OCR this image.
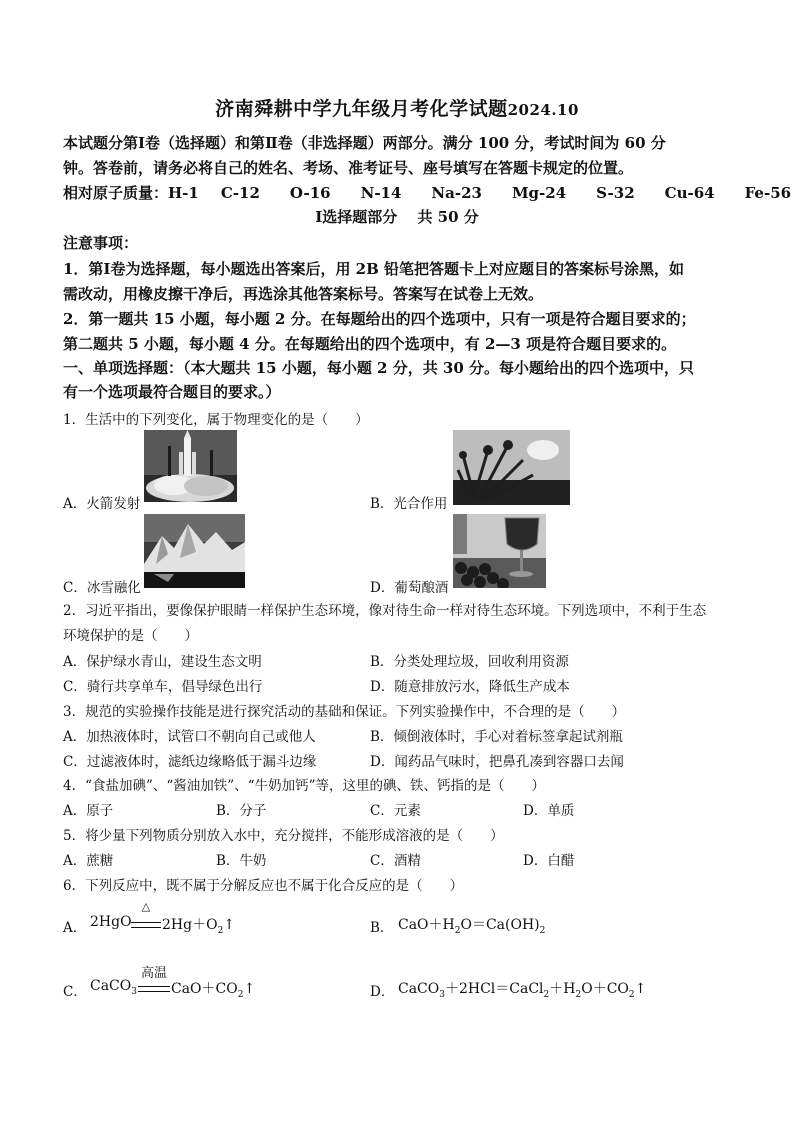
济南舜耕中学九年级月考化学试题2024.10
本试题分第Ⅰ卷（选择题）和第Ⅱ卷（非选择题）两部分。满分 100 分，考试时间为 60 分
钟。答卷前，请务必将自己的姓名、考场、准考证号、座号填写在答题卡规定的位置。
相对原子质量：H-1 C-12 O-16 N-14 Na-23 Mg-24 S-32 Cu-64 Fe-56
Ⅰ选择题部分　 共 50 分
注意事项：
1．第Ⅰ卷为选择题，每小题选出答案后，用 2B 铅笔把答题卡上对应题目的答案标号涂黑，如
需改动，用橡皮擦干净后，再选涂其他答案标号。答案写在试卷上无效。
2．第一题共 15 小题，每小题 2 分。在每题给出的四个选项中，只有一项是符合题目要求的；
第二题共 5 小题，每小题 4 分。在每题给出的四个选项中，有 2—3 项是符合题目要求的。
一、单项选择题：（本大题共 15 小题，每小题 2 分，共 30 分。每小题给出的四个选项中，只
有一个选项最符合题目的要求。）
1．生活中的下列变化，属于物理变化的是（　　）
A．火箭发射	B．光合作用
C．冰雪融化	D．葡萄酿酒
2．习近平指出，要像保护眼睛一样保护生态环境，像对待生命一样对待生态环境。下列选项中，不利于生态
环境保护的是（　　）
A．保护绿水青山，建设生态文明	B．分类处理垃圾，回收利用资源
C．骑行共享单车，倡导绿色出行	D．随意排放污水，降低生产成本
3．规范的实验操作技能是进行探究活动的基础和保证。下列实验操作中，不合理的是（　　）
A．加热液体时，试管口不朝向自己或他人	B．倾倒液体时，手心对着标签拿起试剂瓶
C．过滤液体时，滤纸边缘略低于漏斗边缘	D．闻药品气味时，把鼻孔凑到容器口去闻
4．“食盐加碘”、“酱油加铁”、“牛奶加钙”等，这里的碘、铁、钙指的是（　　）
A．原子	B．分子	C．元素	D．单质
5．将少量下列物质分别放入水中，充分搅拌，不能形成溶液的是（　　）
A．蔗糖	B．牛奶	C．酒精	D．白醋
6．下列反应中，既不属于分解反应也不属于化合反应的是（　　）
A． 2HgO
△
$2Hg+O_2↑$	B． $CaO+H_2O=Ca(OH)_2$
C． CaCO$_3$
高温
$CaO+CO_2↑$	D． $CaCO_3+2HCl=CaCl_2+H_2O+CO_2↑$
